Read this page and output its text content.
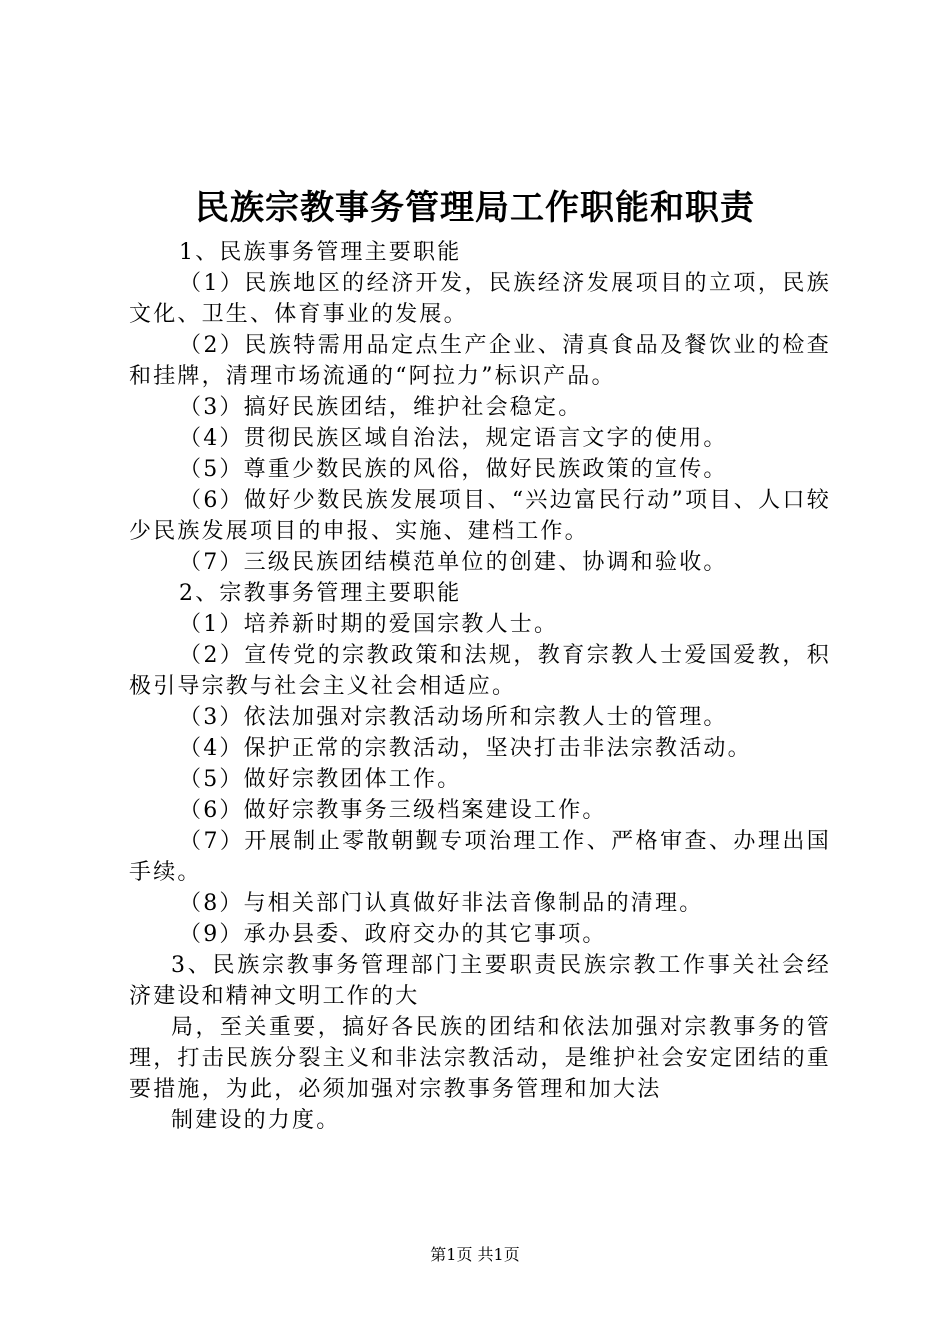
民族宗教事务管理局工作职能和职责

1、民族事务管理主要职能

（1）民族地区的经济开发，民族经济发展项目的立项，民族文化、卫生、体育事业的发展。

（2）民族特需用品定点生产企业、清真食品及餐饮业的检查和挂牌，清理市场流通的“阿拉力”标识产品。

（3）搞好民族团结，维护社会稳定。

（4）贯彻民族区域自治法，规定语言文字的使用。

（5）尊重少数民族的风俗，做好民族政策的宣传。

（6）做好少数民族发展项目、“兴边富民行动”项目、人口较少民族发展项目的申报、实施、建档工作。

（7）三级民族团结模范单位的创建、协调和验收。

2、宗教事务管理主要职能

（1）培养新时期的爱国宗教人士。

（2）宣传党的宗教政策和法规，教育宗教人士爱国爱教，积极引导宗教与社会主义社会相适应。

（3）依法加强对宗教活动场所和宗教人士的管理。

（4）保护正常的宗教活动，坚决打击非法宗教活动。

（5）做好宗教团体工作。

（6）做好宗教事务三级档案建设工作。

（7）开展制止零散朝觐专项治理工作、严格审查、办理出国手续。

（8）与相关部门认真做好非法音像制品的清理。

（9）承办县委、政府交办的其它事项。

3、民族宗教事务管理部门主要职责民族宗教工作事关社会经济建设和精神文明工作的大

局，至关重要，搞好各民族的团结和依法加强对宗教事务的管理，打击民族分裂主义和非法宗教活动，是维护社会安定团结的重要措施，为此，必须加强对宗教事务管理和加大法

制建设的力度。

第1页 共1页
